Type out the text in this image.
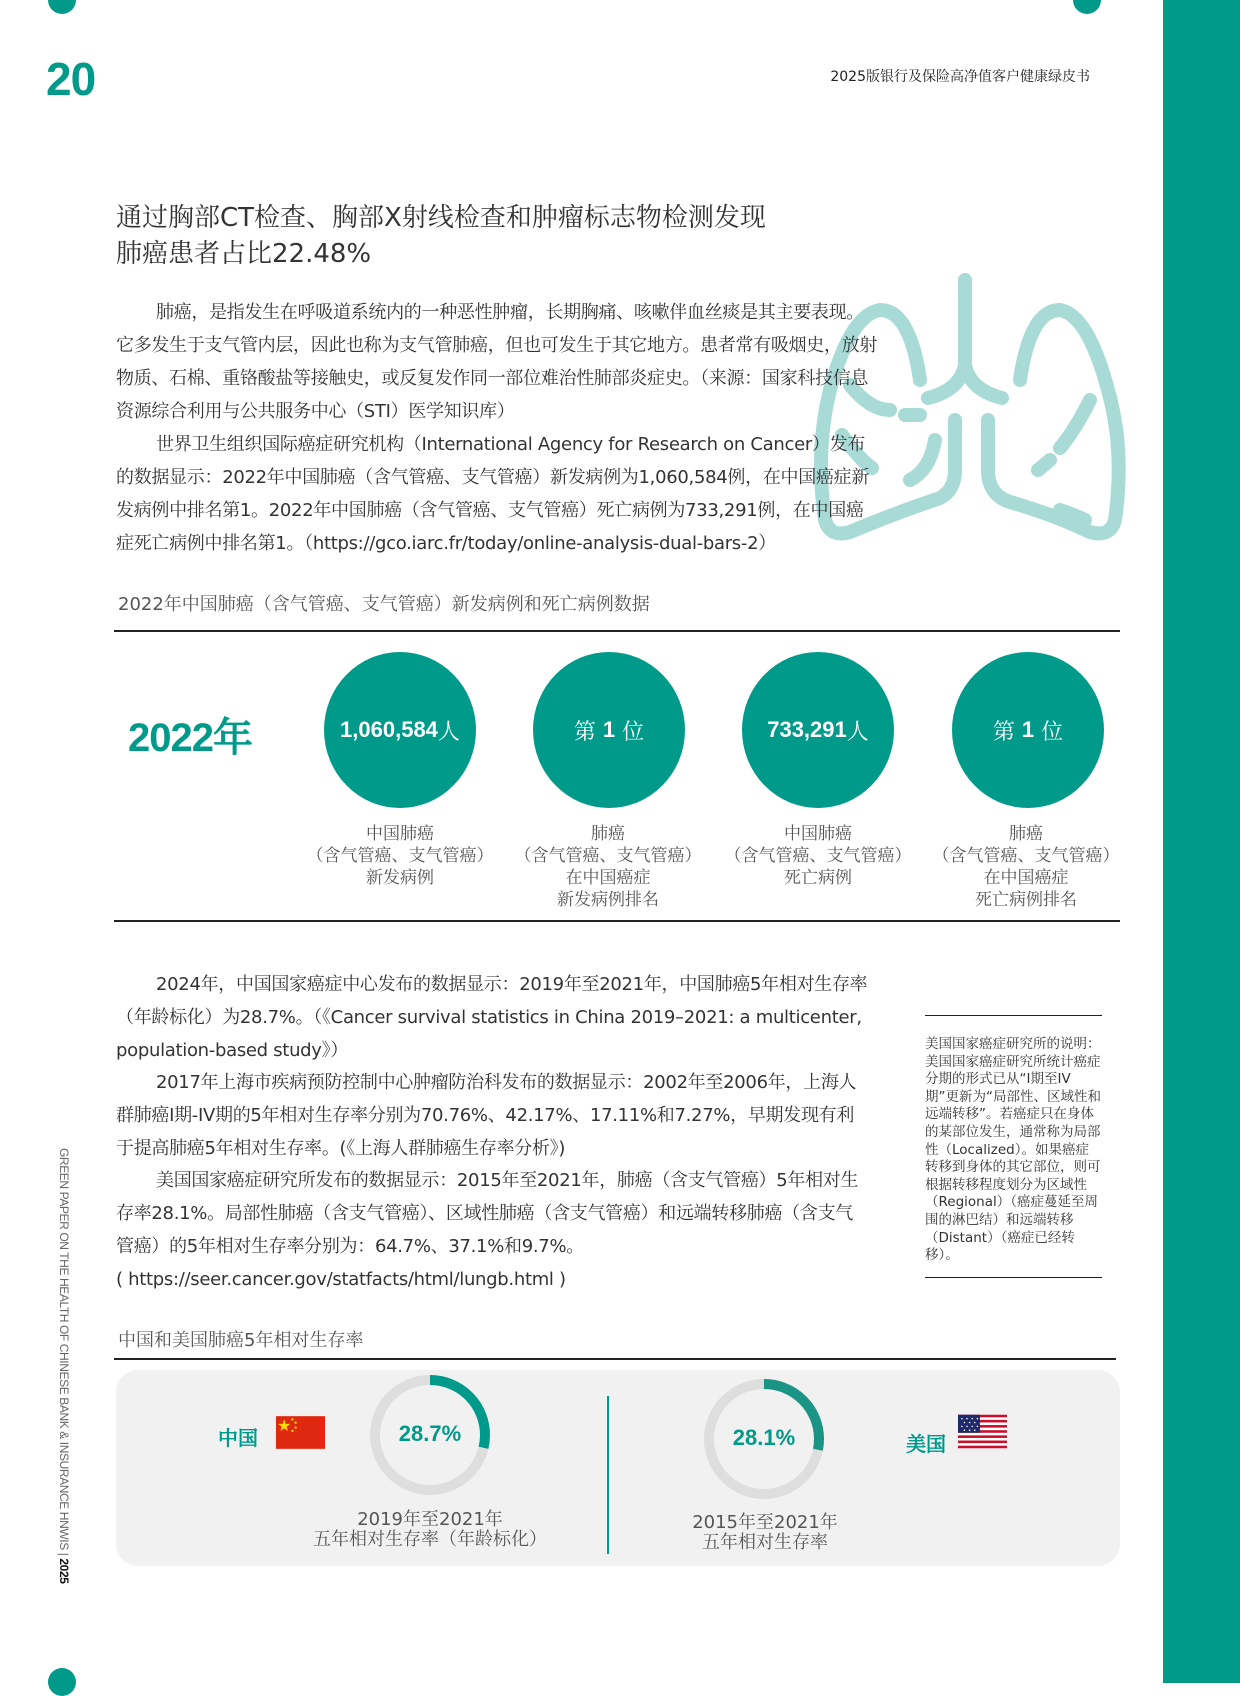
20	2025版银行及保险高净值客户健康绿皮书
GREEN PAPER ON THE HEALTH OF CHINESE BANK & INSURANCE HNWIS | 2025
通过胸部CT检查、胸部X射线检查和肿瘤标志物检测发现
肺癌患者占比22.48%
肺癌，是指发生在呼吸道系统内的一种恶性肿瘤，长期胸痛、咳嗽伴血丝痰是其主要表现。它多发生于支气管内层，因此也称为支气管肺癌，但也可发生于其它地方。患者常有吸烟史，放射物质、石棉、重铬酸盐等接触史，或反复发作同一部位难治性肺部炎症史。（来源：国家科技信息资源综合利用与公共服务中心（STI）医学知识库）
世界卫生组织国际癌症研究机构（International Agency for Research on Cancer）发布的数据显示：2022年中国肺癌（含气管癌、支气管癌）新发病例为1,060,584例，在中国癌症新发病例中排名第1。2022年中国肺癌（含气管癌、支气管癌）死亡病例为733,291例，在中国癌症死亡病例中排名第1。（https://gco.iarc.fr/today/online-analysis-dual-bars-2）
2022年中国肺癌（含气管癌、支气管癌）新发病例和死亡病例数据
2022年	1,060,584 人	第
1
位	733,291 人	第
1
位
中国肺癌
（含气管癌、支气管癌）
新发病例
肺癌
（含气管癌、支气管癌）
在中国癌症
新发病例排名
中国肺癌
（含气管癌、支气管癌）
死亡病例
肺癌
（含气管癌、支气管癌）
在中国癌症
死亡病例排名
2024年，中国国家癌症中心发布的数据显示：2019年至2021年，中国肺癌5年相对生存率（年龄标化）为28.7%。（《Cancer survival statistics in China 2019–2021: a multicenter, population-based study》）
2017年上海市疾病预防控制中心肿瘤防治科发布的数据显示：2002年至2006年，上海人群肺癌I期-IV期的5年相对生存率分别为70.76%、42.17%、17.11%和7.27%，早期发现有利于提高肺癌5年相对生存率。(《上海人群肺癌生存率分析》)
美国国家癌症研究所发布的数据显示：2015年至2021年，肺癌（含支气管癌）5年相对生存率28.1%。局部性肺癌（含支气管癌）、区域性肺癌（含支气管癌）和远端转移肺癌（含支气管癌）的5年相对生存率分别为：64.7%、37.1%和9.7%。
( https://seer.cancer.gov/statfacts/html/lungb.html )
美国国家癌症研究所的说明：美国国家癌症研究所统计癌症分期的形式已从“I期至IV期”更新为“局部性、区域性和远端转移”。若癌症只在身体的某部位发生，通常称为局部性（Localized）。如果癌症转移到身体的其它部位，则可根据转移程度划分为区域性（Regional）（癌症蔓延至周围的淋巴结）和远端转移（Distant）（癌症已经转移）。
中国和美国肺癌5年相对生存率
中国	28.7%
2019年至2021年
五年相对生存率（年龄标化）
28.1%
2015年至2021年
五年相对生存率
美国
